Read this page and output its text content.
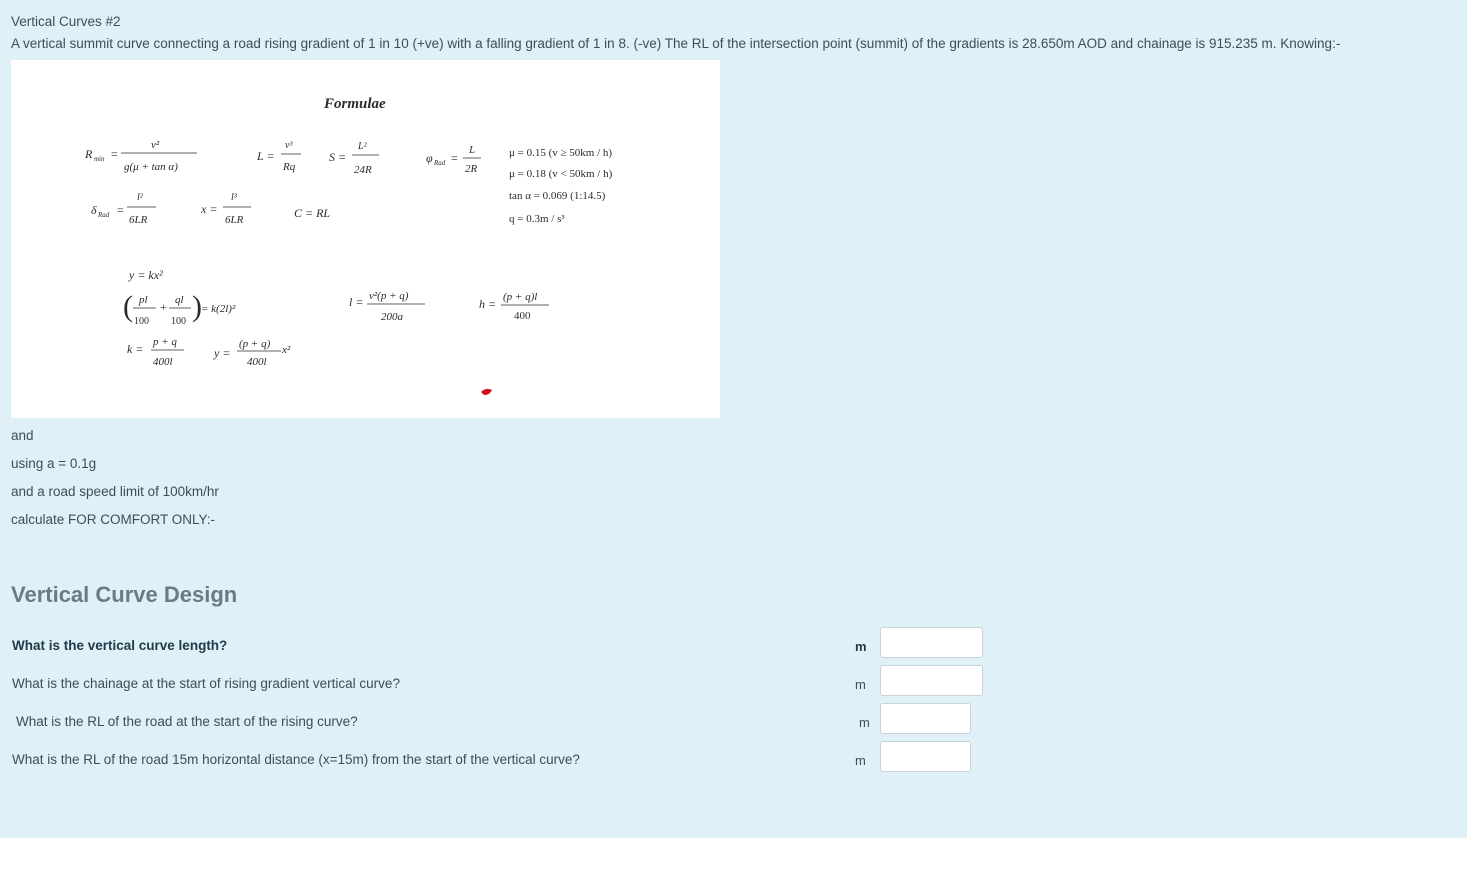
Vertical Curves #2
A vertical summit curve connecting a road rising gradient of 1 in 10 (+ve) with a falling gradient of 1 in 8. (-ve) The RL of the intersection point (summit) of the gradients is 28.650m AOD and chainage is 915.235 m. Knowing:-
Formulae
R min =
v²
g(μ + tan α)
L =
v³
Rq
S =
L²
24R
φ Rad =
L
2R
μ = 0.15 (v ≥ 50km / h)
μ = 0.18 (v < 50km / h)
tan α = 0.069 (1:14.5)
q = 0.3m / s³
δ Rad =
l²
6LR
x =
l³
6LR	C = RL
y = kx²
( pl
100
+ ql
100 ) = k(2l)²
k = p + q
400l
y =
(p + q)
400l
x²
l = v²(p + q)
200a
h = (p + q)l
400
and
using a = 0.1g
and a road speed limit of 100km/hr
calculate FOR COMFORT ONLY:-
Vertical Curve Design
What is the vertical curve length?	m
What is the chainage at the start of rising gradient vertical curve?	m
What is the RL of the road at the start of the rising curve?	m
What is the RL of the road 15m horizontal distance (x=15m) from the start of the vertical curve?	m
